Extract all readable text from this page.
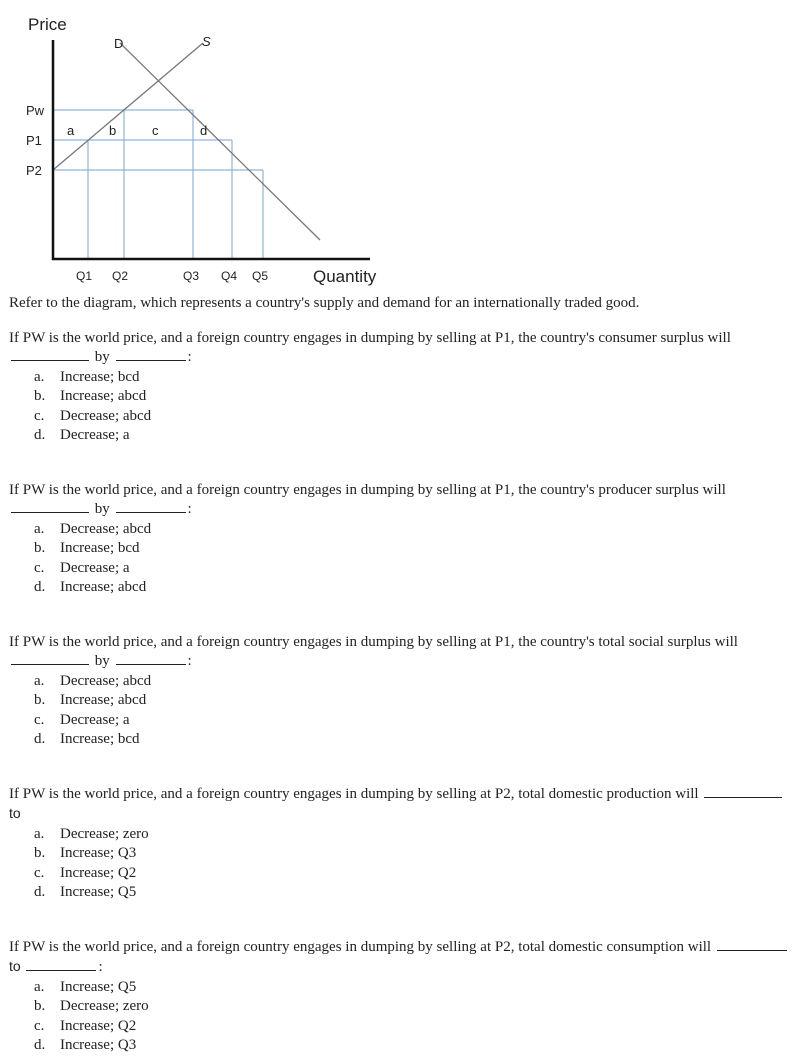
Price
Quantity
D	S
Pw
P1
P2
Q1 Q2	Q3 Q4 Q5
a	b	c	d

Refer to the diagram, which represents a country's supply and demand for an internationally traded good.

If PW is the world price, and a foreign country engages in dumping by selling at P1, the country's consumer surplus will  by	:

a. Increase; bcd
b. Increase; abcd
c. Decrease; abcd
d. Decrease; a

If PW is the world price, and a foreign country engages in dumping by selling at P1, the country's producer surplus will  by	:

a. Decrease; abcd
b. Increase; bcd
c. Decrease; a
d. Increase; abcd

If PW is the world price, and a foreign country engages in dumping by selling at P1, the country's total social surplus will  by	:

a. Decrease; abcd
b. Increase; abcd
c. Decrease; a
d. Increase; bcd

If PW is the world price, and a foreign country engages in dumping by selling at P2, total domestic production will  to

a. Decrease; zero
b. Increase; Q3
c. Increase; Q2
d. Increase; Q5

If PW is the world price, and a foreign country engages in dumping by selling at P2, total domestic consumption will  to	:

a. Increase; Q5
b. Decrease; zero
c. Increase; Q2
d. Increase; Q3
